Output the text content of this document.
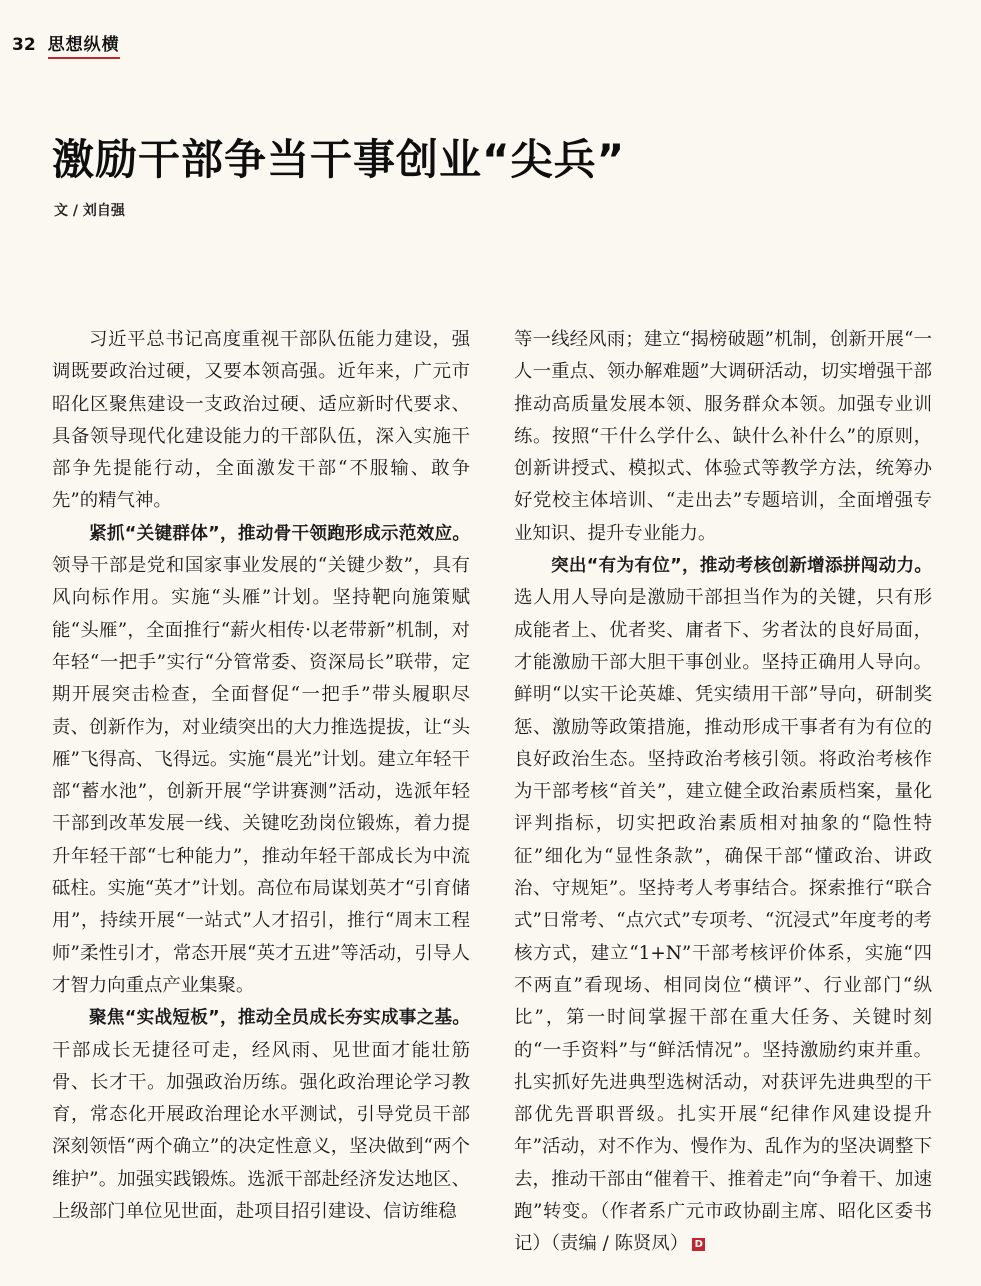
32 思想纵横
激励干部争当干事创业“尖兵”
文 / 刘自强

习近平总书记高度重视干部队伍能力建设，强调既要政治过硬，又要本领高强。近年来，广元市昭化区聚焦建设一支政治过硬、适应新时代要求、具备领导现代化建设能力的干部队伍，深入实施干部争先提能行动，全面激发干部“不服输、敢争先”的精气神。

紧抓“关键群体”，推动骨干领跑形成示范效应。领导干部是党和国家事业发展的“关键少数”，具有风向标作用。实施“头雁”计划。坚持靶向施策赋能“头雁”，全面推行“薪火相传·以老带新”机制，对年轻“一把手”实行“分管常委、资深局长”联带，定期开展突击检查，全面督促“一把手”带头履职尽责、创新作为，对业绩突出的大力推选提拔，让“头雁”飞得高、飞得远。实施“晨光”计划。建立年轻干部“蓄水池”，创新开展“学讲赛测”活动，选派年轻干部到改革发展一线、关键吃劲岗位锻炼，着力提升年轻干部“七种能力”，推动年轻干部成长为中流砥柱。实施“英才”计划。高位布局谋划英才“引育储用”，持续开展“一站式”人才招引，推行“周末工程师”柔性引才，常态开展“英才五进”等活动，引导人才智力向重点产业集聚。

聚焦“实战短板”，推动全员成长夯实成事之基。干部成长无捷径可走，经风雨、见世面才能壮筋骨、长才干。加强政治历练。强化政治理论学习教育，常态化开展政治理论水平测试，引导党员干部深刻领悟“两个确立”的决定性意义，坚决做到“两个维护”。加强实践锻炼。选派干部赴经济发达地区、上级部门单位见世面，赴项目招引建设、信访维稳

等一线经风雨；建立“揭榜破题”机制，创新开展“一人一重点、领办解难题”大调研活动，切实增强干部推动高质量发展本领、服务群众本领。加强专业训练。按照“干什么学什么、缺什么补什么”的原则，创新讲授式、模拟式、体验式等教学方法，统筹办好党校主体培训、“走出去”专题培训，全面增强专业知识、提升专业能力。

突出“有为有位”，推动考核创新增添拼闯动力。选人用人导向是激励干部担当作为的关键，只有形成能者上、优者奖、庸者下、劣者汰的良好局面，才能激励干部大胆干事创业。坚持正确用人导向。鲜明“以实干论英雄、凭实绩用干部”导向，研制奖惩、激励等政策措施，推动形成干事者有为有位的良好政治生态。坚持政治考核引领。将政治考核作为干部考核“首关”，建立健全政治素质档案，量化评判指标，切实把政治素质相对抽象的“隐性特征”细化为“显性条款”，确保干部“懂政治、讲政治、守规矩”。坚持考人考事结合。探索推行“联合式”日常考、“点穴式”专项考、“沉浸式”年度考的考核方式，建立“1+N”干部考核评价体系，实施“四不两直”看现场、相同岗位“横评”、行业部门“纵比”，第一时间掌握干部在重大任务、关键时刻的“一手资料”与“鲜活情况”。坚持激励约束并重。扎实抓好先进典型选树活动，对获评先进典型的干部优先晋职晋级。扎实开展“纪律作风建设提升年”活动，对不作为、慢作为、乱作为的坚决调整下去，推动干部由“催着干、推着走”向“争着干、加速跑”转变。（作者系广元市政协副主席、昭化区委书记）（责编 / 陈贤凤） D
